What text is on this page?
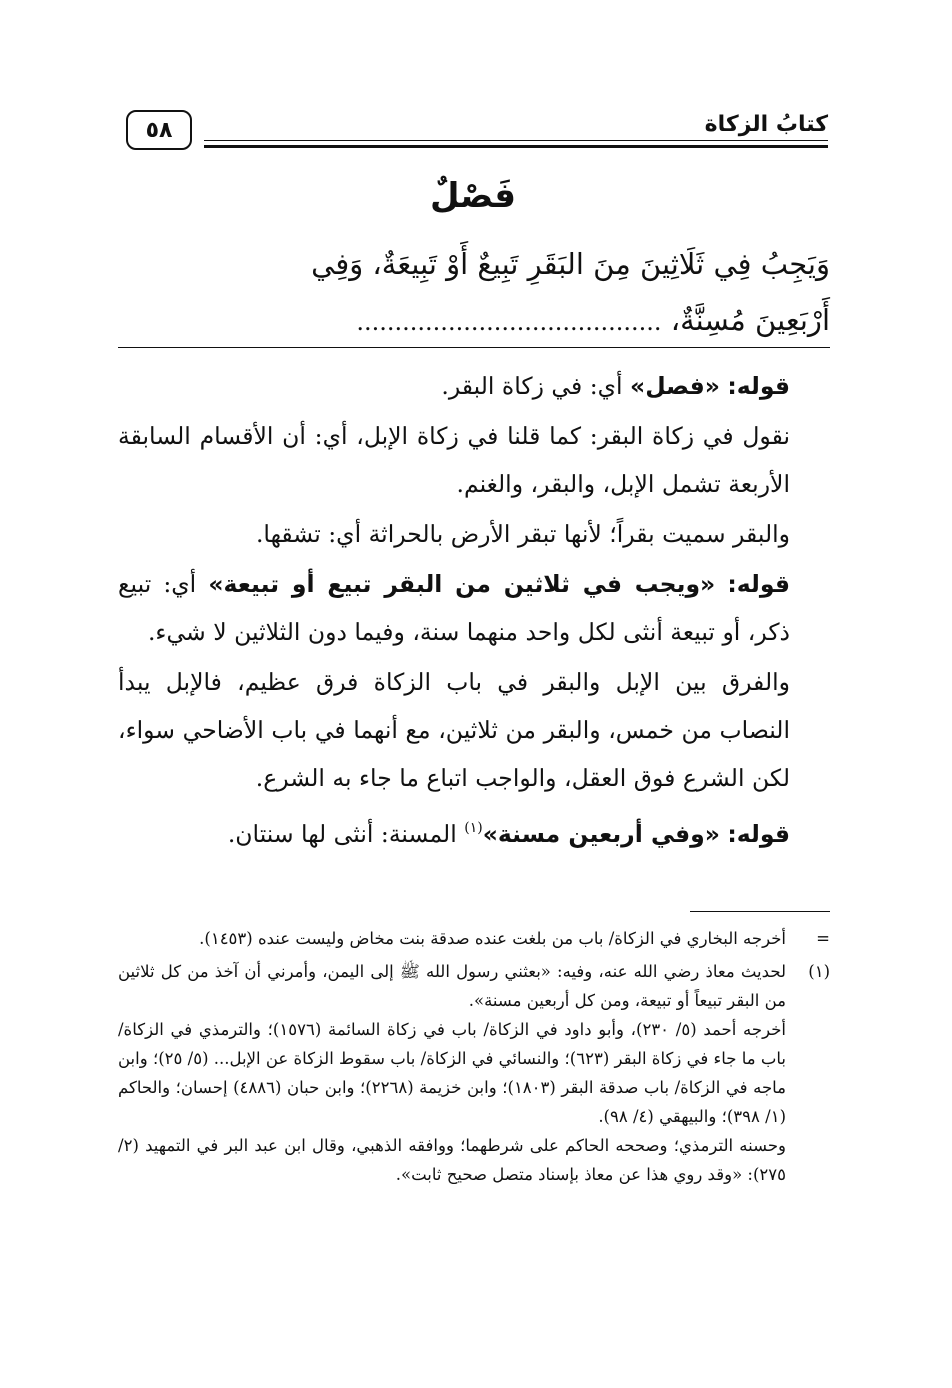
كتابُ الزكاة
٥٨
فَصْلٌ
وَيَجِبُ فِي ثَلَاثِينَ مِنَ البَقَرِ تَبِيعٌ أَوْ تَبِيعَةٌ، وَفِي
أَرْبَعِينَ مُسِنَّةٌ، ........................................

قوله: «فصل» أي: في زكاة البقر.

نقول في زكاة البقر: كما قلنا في زكاة الإبل، أي: أن الأقسام السابقة الأربعة تشمل الإبل، والبقر، والغنم.

والبقر سميت بقراً؛ لأنها تبقر الأرض بالحراثة أي: تشقها.

قوله: «ويجب في ثلاثين من البقر تبيع أو تبيعة» أي: تبيع ذكر، أو تبيعة أنثى لكل واحد منهما سنة، وفيما دون الثلاثين لا شيء.

والفرق بين الإبل والبقر في باب الزكاة فرق عظيم، فالإبل يبدأ النصاب من خمس، والبقر من ثلاثين، مع أنهما في باب الأضاحي سواء، لكن الشرع فوق العقل، والواجب اتباع ما جاء به الشرع.

قوله: «وفي أربعين مسنة»$^{(١)}$ المسنة: أنثى لها سنتان.

=

أخرجه البخاري في الزكاة/ باب من بلغت عنده صدقة بنت مخاض وليست عنده (١٤٥٣).

(١)

لحديث معاذ رضي الله عنه، وفيه: «بعثني رسول الله ﷺ إلى اليمن، وأمرني أن آخذ من كل ثلاثين من البقر تبيعاً أو تبيعة، ومن كل أربعين مسنة».

أخرجه أحمد (٥/ ٢٣٠)، وأبو داود في الزكاة/ باب في زكاة السائمة (١٥٧٦)؛ والترمذي في الزكاة/ باب ما جاء في زكاة البقر (٦٢٣)؛ والنسائي في الزكاة/ باب سقوط الزكاة عن الإبل... (٥/ ٢٥)؛ وابن ماجه في الزكاة/ باب صدقة البقر (١٨٠٣)؛ وابن خزيمة (٢٢٦٨)؛ وابن حبان (٤٨٨٦) إحسان؛ والحاكم (١/ ٣٩٨)؛ والبيهقي (٤/ ٩٨).

وحسنه الترمذي؛ وصححه الحاكم على شرطهما؛ ووافقه الذهبي، وقال ابن عبد البر في التمهيد (٢/ ٢٧٥): «وقد روي هذا عن معاذ بإسناد متصل صحيح ثابت».
